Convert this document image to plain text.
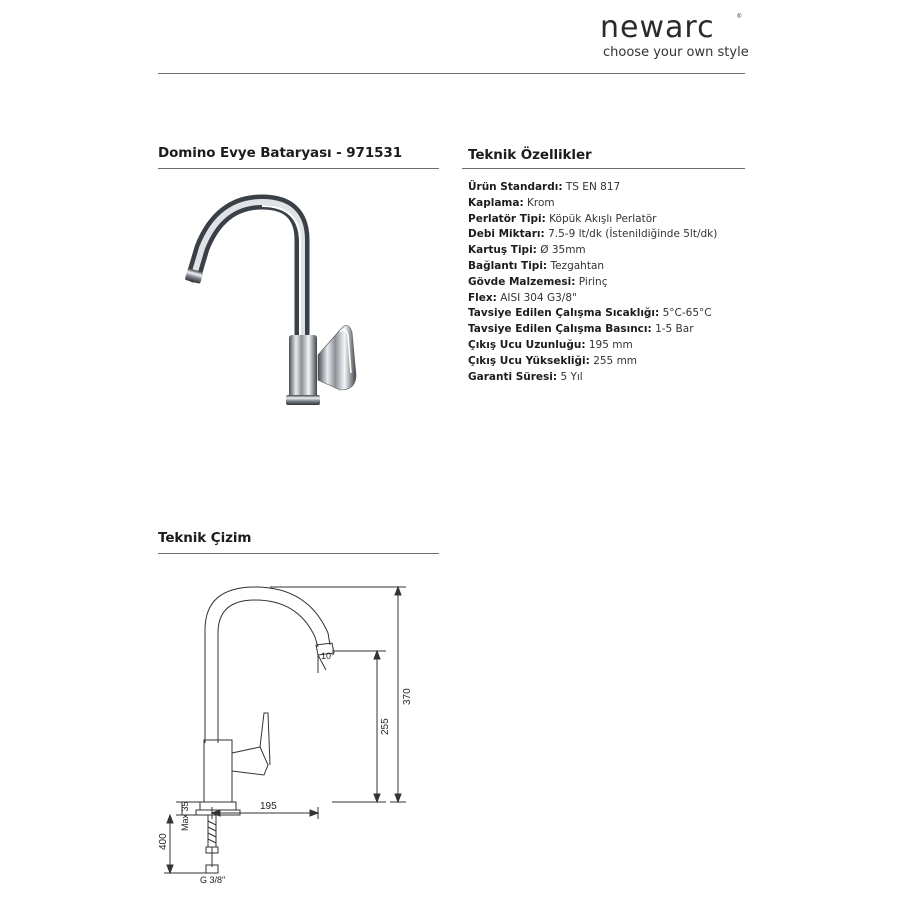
newarc	®
choose your own style
Domino Evye Bataryası - 971531	Teknik Özellikler
Ürün Standardı: TS EN 817
Kaplama: Krom
Perlatör Tipi: Köpük Akışlı Perlatör
Debi Miktarı: 7.5-9 lt/dk (İstenildiğinde 5lt/dk)
Kartuş Tipi: Ø 35mm
Bağlantı Tipi: Tezgahtan
Gövde Malzemesi: Pirinç
Flex: AISI 304 G3/8"
Tavsiye Edilen Çalışma Sıcaklığı: 5°C-65°C
Tavsiye Edilen Çalışma Basıncı: 1-5 Bar
Çıkış Ucu Uzunluğu: 195 mm
Çıkış Ucu Yüksekliği: 255 mm
Garanti Süresi: 5 Yıl
Teknik Çizim
370
255
195
400
Max 35
10°
G 3/8"
